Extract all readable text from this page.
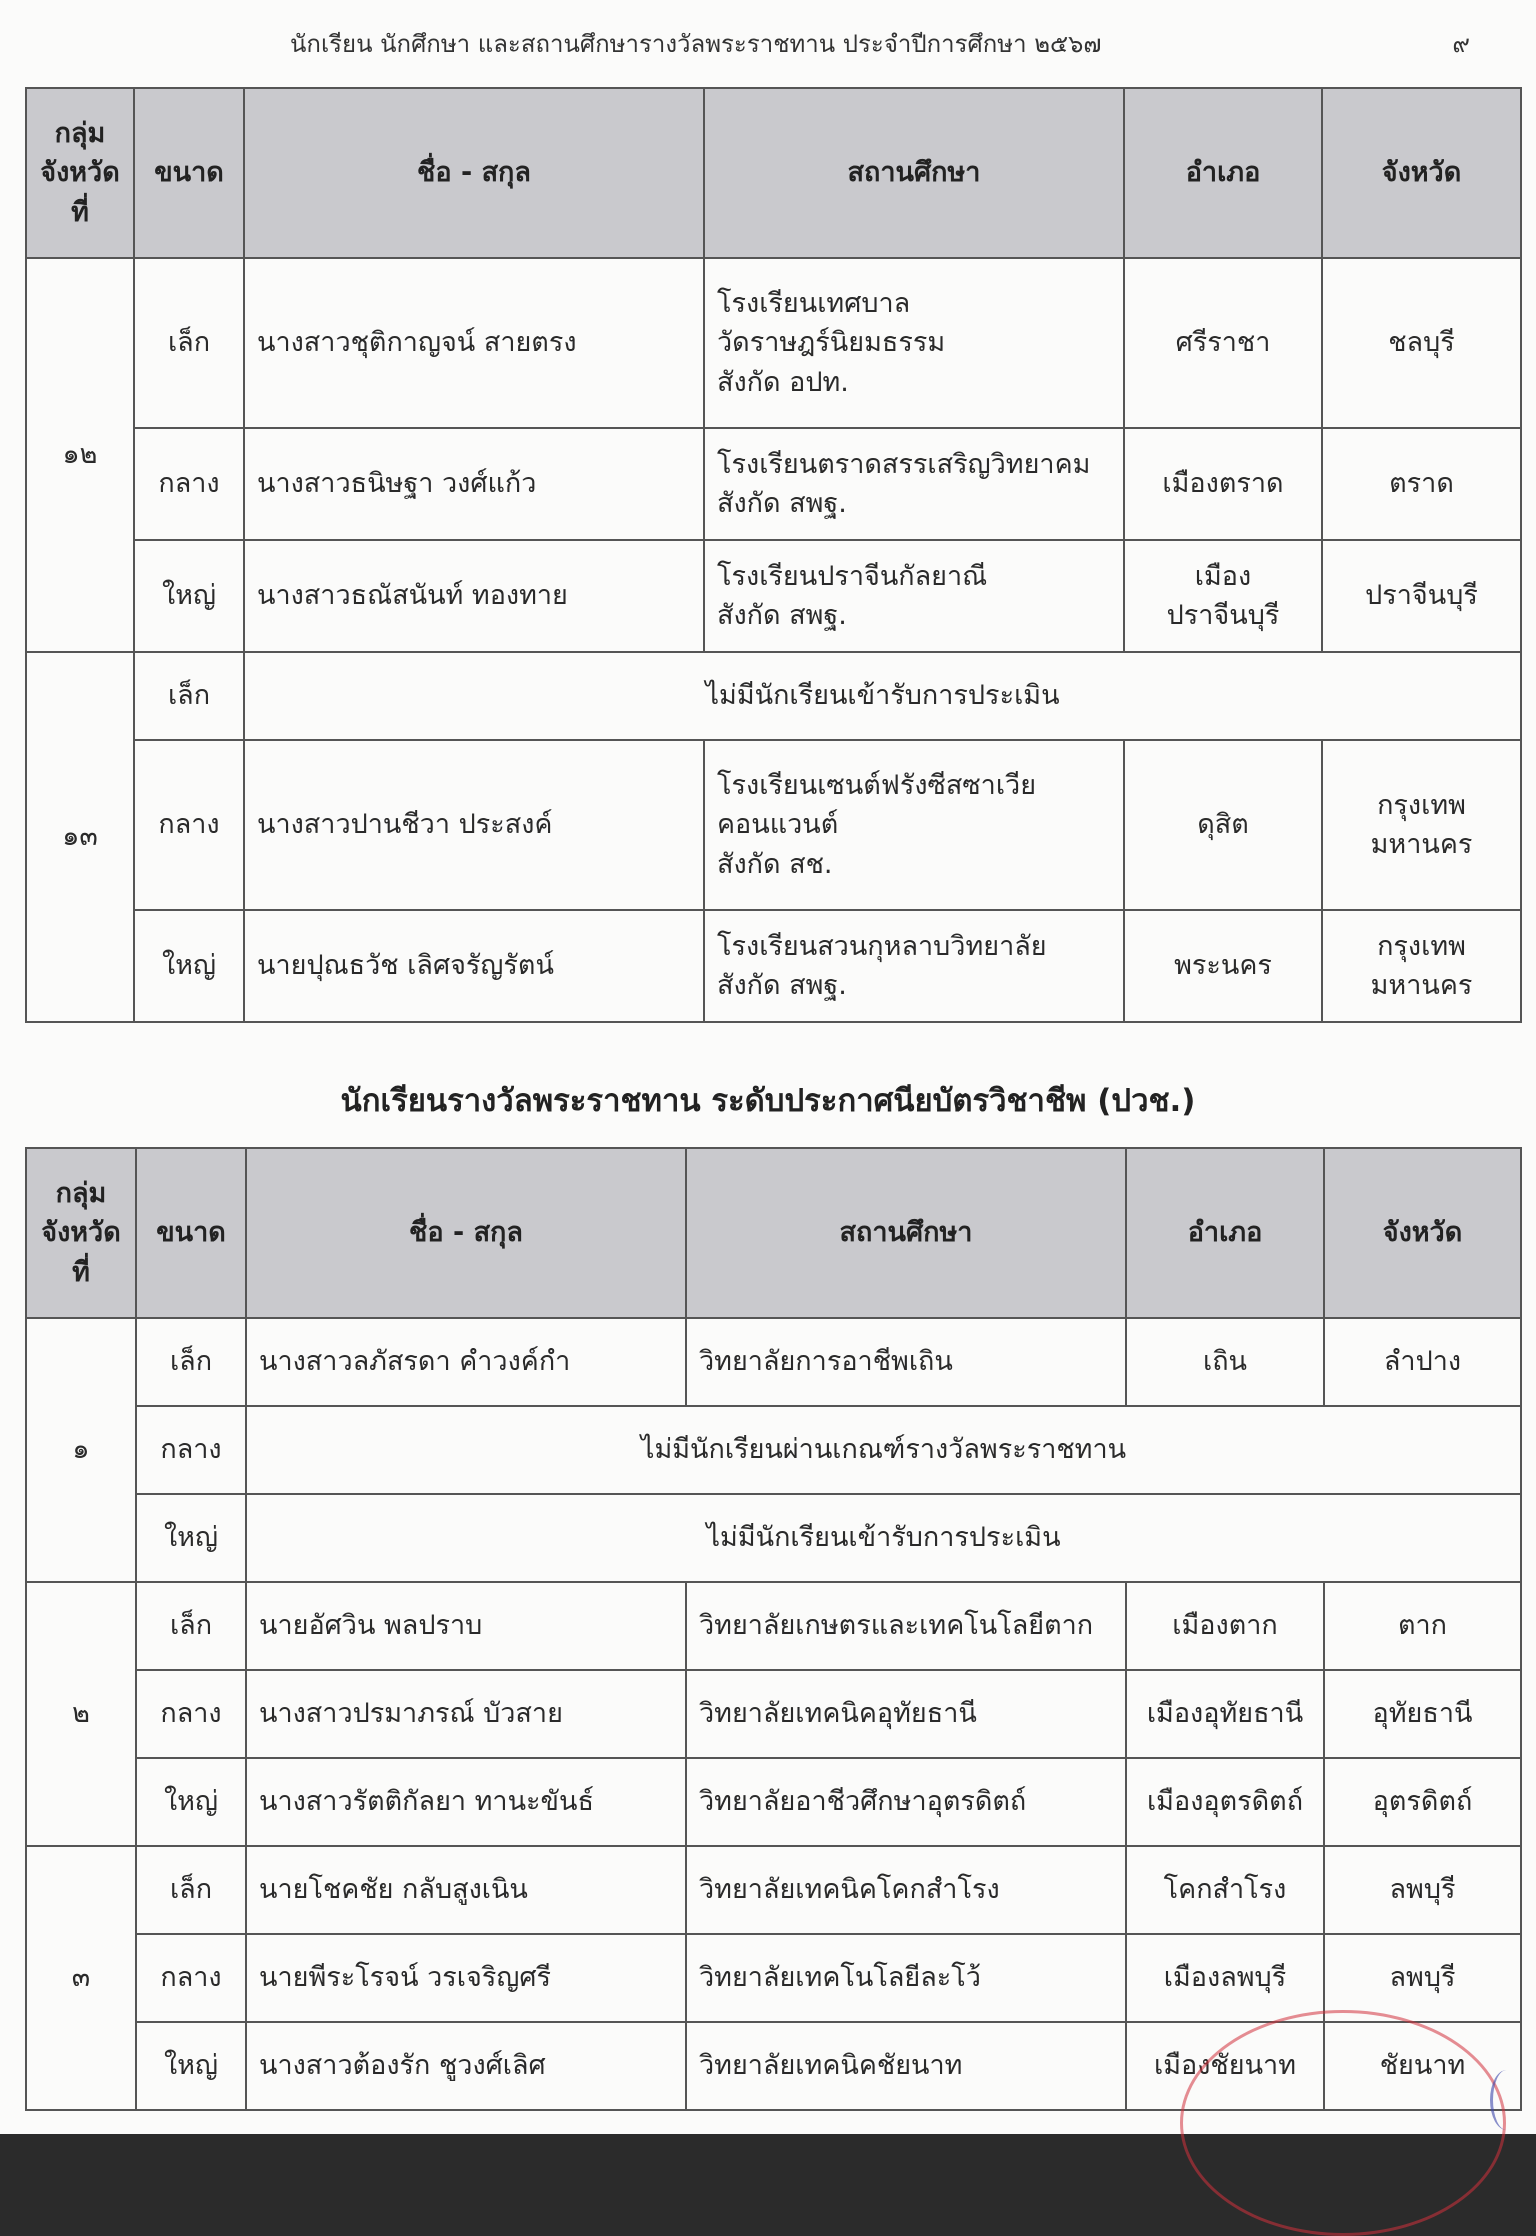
นักเรียน นักศึกษา และสถานศึกษารางวัลพระราชทาน ประจำปีการศึกษา ๒๕๖๗	๙
กลุ่ม
จังหวัด
ที่	ขนาด	ชื่อ - สกุล	สถานศึกษา	อำเภอ	จังหวัด
๑๒	เล็ก	นางสาวชุติกาญจน์ สายตรง	โรงเรียนเทศบาล
วัดราษฎร์นิยมธรรม
สังกัด อปท.	ศรีราชา	ชลบุรี
	กลาง	นางสาวธนิษฐา วงศ์แก้ว	โรงเรียนตราดสรรเสริญวิทยาคม
สังกัด สพฐ.	เมืองตราด	ตราด
	ใหญ่	นางสาวธณัสนันท์ ทองทาย	โรงเรียนปราจีนกัลยาณี
สังกัด สพฐ.	เมือง
ปราจีนบุรี	ปราจีนบุรี
๑๓	เล็ก	ไม่มีนักเรียนเข้ารับการประเมิน			
	กลาง	นางสาวปานชีวา ประสงค์	โรงเรียนเซนต์ฟรังซีสซาเวีย
คอนแวนต์
สังกัด สช.	ดุสิต	กรุงเทพ
มหานคร
	ใหญ่	นายปุณธวัช เลิศจรัญรัตน์	โรงเรียนสวนกุหลาบวิทยาลัย
สังกัด สพฐ.	พระนคร	กรุงเทพ
มหานคร
นักเรียนรางวัลพระราชทาน ระดับประกาศนียบัตรวิชาชีพ (ปวช.)
กลุ่ม
จังหวัด
ที่	ขนาด	ชื่อ - สกุล	สถานศึกษา	อำเภอ	จังหวัด
๑	เล็ก	นางสาวลภัสรดา คำวงค์กำ	วิทยาลัยการอาชีพเถิน	เถิน	ลำปาง
	กลาง	ไม่มีนักเรียนผ่านเกณฑ์รางวัลพระราชทาน			
	ใหญ่	ไม่มีนักเรียนเข้ารับการประเมิน			
๒	เล็ก	นายอัศวิน พลปราบ	วิทยาลัยเกษตรและเทคโนโลยีตาก	เมืองตาก	ตาก
	กลาง	นางสาวปรมาภรณ์ บัวสาย	วิทยาลัยเทคนิคอุทัยธานี	เมืองอุทัยธานี	อุทัยธานี
	ใหญ่	นางสาวรัตติกัลยา ทานะขันธ์	วิทยาลัยอาชีวศึกษาอุตรดิตถ์	เมืองอุตรดิตถ์	อุตรดิตถ์
๓	เล็ก	นายโชคชัย กลับสูงเนิน	วิทยาลัยเทคนิคโคกสำโรง	โคกสำโรง	ลพบุรี
	กลาง	นายพีระโรจน์ วรเจริญศรี	วิทยาลัยเทคโนโลยีละโว้	เมืองลพบุรี	ลพบุรี
	ใหญ่	นางสาวต้องรัก ชูวงศ์เลิศ	วิทยาลัยเทคนิคชัยนาท	เมืองชัยนาท	ชัยนาท
